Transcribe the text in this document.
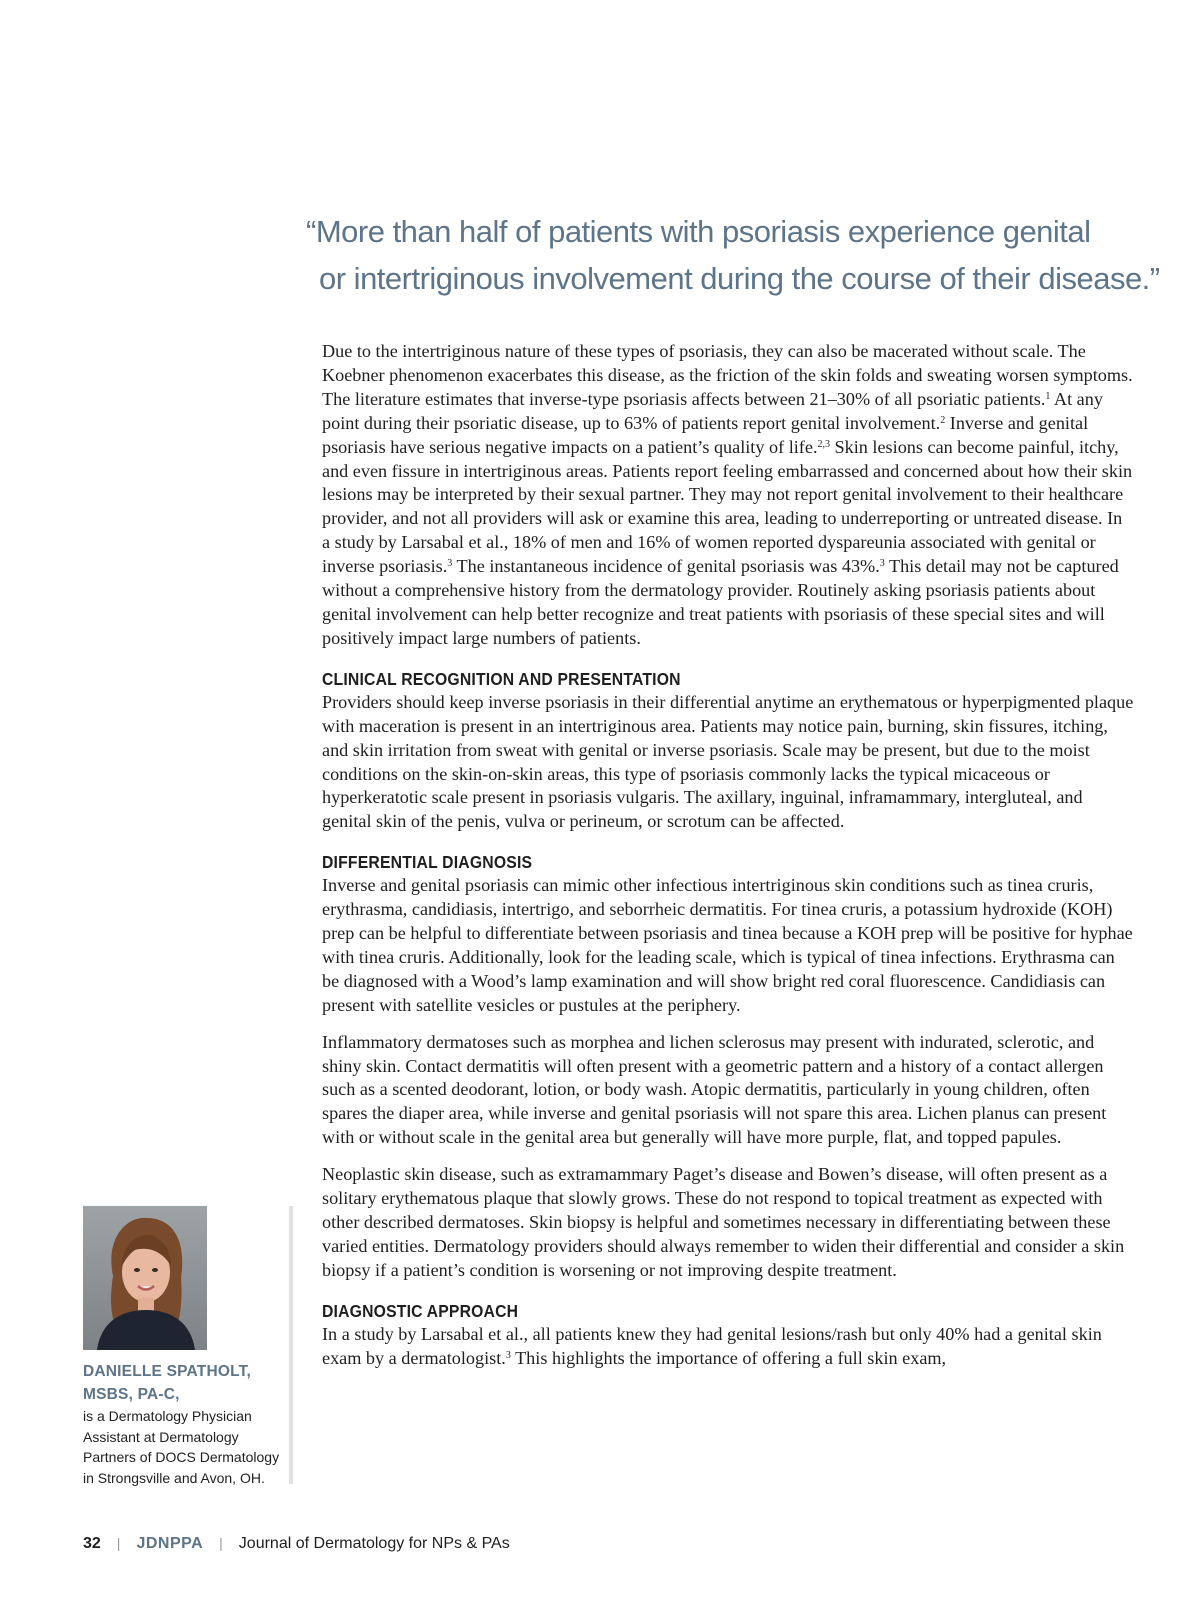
“More than half of patients with psoriasis experience genital
or intertriginous involvement during the course of their disease.”

Due to the intertriginous nature of these types of psoriasis, they can also be macerated without scale. The Koebner phenomenon exacerbates this disease, as the friction of the skin folds and sweating worsen symptoms. The literature estimates that inverse-type psoriasis affects between 21–30% of all psoriatic patients.$^1$ At any point during their psoriatic disease, up to 63% of patients report genital involvement.$^2$ Inverse and genital psoriasis have serious negative impacts on a patient’s quality of life.$^{2,3}$ Skin lesions can become painful, itchy, and even fissure in intertriginous areas. Patients report feeling embarrassed and concerned about how their skin lesions may be interpreted by their sexual partner. They may not report genital involvement to their healthcare provider, and not all providers will ask or examine this area, leading to underreporting or untreated disease. In a study by Larsabal et al., 18% of men and 16% of women reported dyspareunia associated with genital or inverse psoriasis.$^3$ The instantaneous incidence of genital psoriasis was 43%.$^3$ This detail may not be captured without a comprehensive history from the dermatology provider. Routinely asking psoriasis patients about genital involvement can help better recognize and treat patients with psoriasis of these special sites and will positively impact large numbers of patients.

CLINICAL RECOGNITION AND PRESENTATION

Providers should keep inverse psoriasis in their differential anytime an erythematous or hyperpigmented plaque with maceration is present in an intertriginous area. Patients may notice pain, burning, skin fissures, itching, and skin irritation from sweat with genital or inverse psoriasis. Scale may be present, but due to the moist conditions on the skin-on-skin areas, this type of psoriasis commonly lacks the typical micaceous or hyperkeratotic scale present in psoriasis vulgaris. The axillary, inguinal, inframammary, intergluteal, and genital skin of the penis, vulva or perineum, or scrotum can be affected.

DIFFERENTIAL DIAGNOSIS

Inverse and genital psoriasis can mimic other infectious intertriginous skin conditions such as tinea cruris, erythrasma, candidiasis, intertrigo, and seborrheic dermatitis. For tinea cruris, a potassium hydroxide (KOH) prep can be helpful to differentiate between psoriasis and tinea because a KOH prep will be positive for hyphae with tinea cruris. Additionally, look for the leading scale, which is typical of tinea infections. Erythrasma can be diagnosed with a Wood’s lamp examination and will show bright red coral fluorescence. Candidiasis can present with satellite vesicles or pustules at the periphery.

Inflammatory dermatoses such as morphea and lichen sclerosus may present with indurated, sclerotic, and shiny skin. Contact dermatitis will often present with a geometric pattern and a history of a contact allergen such as a scented deodorant, lotion, or body wash. Atopic dermatitis, particularly in young children, often spares the diaper area, while inverse and genital psoriasis will not spare this area. Lichen planus can present with or without scale in the genital area but generally will have more purple, flat, and topped papules.

Neoplastic skin disease, such as extramammary Paget’s disease and Bowen’s disease, will often present as a solitary erythematous plaque that slowly grows. These do not respond to topical treatment as expected with other described dermatoses. Skin biopsy is helpful and sometimes necessary in differentiating between these varied entities. Dermatology providers should always remember to widen their differential and consider a skin biopsy if a patient’s condition is worsening or not improving despite treatment.

DIAGNOSTIC APPROACH

In a study by Larsabal et al., all patients knew they had genital lesions/rash but only 40% had a genital skin exam by a dermatologist.$^3$ This highlights the importance of offering a full skin exam,

DANIELLE SPATHOLT, MSBS, PA-C,
is a Dermatology Physician Assistant at Dermatology Partners of DOCS Dermatology in Strongsville and Avon, OH.
32 | JDNPPA | Journal of Dermatology for NPs & PAs
